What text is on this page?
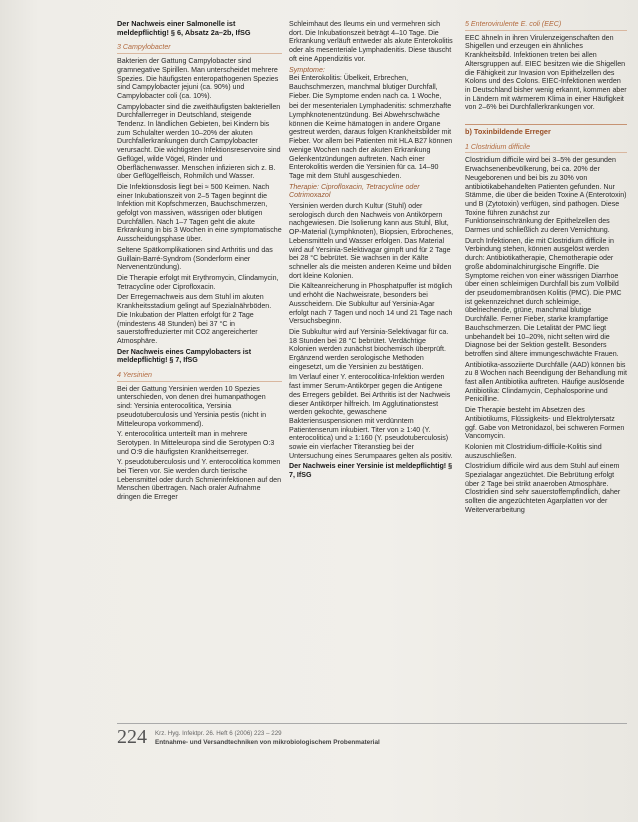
Der Nachweis einer Salmonelle ist meldepflichtig! § 6, Absatz 2a–2b, IfSG

3 Campylobacter

Bakterien der Gattung Campylobacter sind gramnegative Spirillen. Man unterscheidet mehrere Spezies. Die häufigsten enteropathogenen Spezies sind Campylobacter jejuni (ca. 90%) und Campylobacter coli (ca. 10%).

Campylobacter sind die zweithäufigsten bakteriellen Durchfallerreger in Deutschland, steigende Tendenz. In ländlichen Gebieten, bei Kindern bis zum Schulalter werden 10–20% der akuten Durchfallerkrankungen durch Campylobacter verursacht. Die wichtigsten Infektionsreservoire sind Geflügel, wilde Vögel, Rinder und Oberflächenwasser. Menschen infizieren sich z. B. über Geflügelfleisch, Rohmilch und Wasser.

Die Infektionsdosis liegt bei ≈ 500 Keimen. Nach einer Inkubationszeit von 2–5 Tagen beginnt die Infektion mit Kopfschmerzen, Bauchschmerzen, gefolgt von massiven, wässrigen oder blutigen Durchfällen. Nach 1–7 Tagen geht die akute Erkrankung in bis 3 Wochen in eine symptomatische Ausscheidungsphase über.

Seltene Spätkomplikationen sind Arthritis und das Guillain-Barré-Syndrom (Sonderform einer Nervenentzündung).

Die Therapie erfolgt mit Erythromycin, Clindamycin, Tetracycline oder Ciprofloxacin.

Der Erregernachweis aus dem Stuhl im akuten Krankheitsstadium gelingt auf Spezialnährböden. Die Inkubation der Platten erfolgt für 2 Tage (mindestens 48 Stunden) bei 37 °C in sauerstoffreduzierter mit CO2 angereicherter Atmosphäre.

Der Nachweis eines Campylobacters ist meldepflichtig! § 7, IfSG

4 Yersinien

Bei der Gattung Yersinien werden 10 Spezies unterschieden, von denen drei humanpathogen sind: Yersinia enterocolitica, Yersinia pseudotuberculosis und Yersinia pestis (nicht in Mitteleuropa vorkommend).

Y. enterocolitica unterteilt man in mehrere Serotypen. In Mitteleuropa sind die Serotypen O:3 und O:9 die häufigsten Krankheitserreger.

Y. pseudotuberculosis und Y. enterocolitica kommen bei Tieren vor. Sie werden durch tierische Lebensmittel oder durch Schmierinfektionen auf den Menschen übertragen. Nach oraler Aufnahme dringen die Erreger

Schleimhaut des Ileums ein und vermehren sich dort. Die Inkubationszeit beträgt 4–10 Tage. Die Erkrankung verläuft entweder als akute Enterokolitis oder als mesenteriale Lymphadenitis. Diese täuscht oft eine Appendizitis vor.

Symptome:

Bei Enterokolitis: Übelkeit, Erbrechen, Bauchschmerzen, manchmal blutiger Durchfall, Fieber. Die Symptome enden nach ca. 1 Woche,

bei der mesenterialen Lymphadenitis: schmerzhafte Lymphknotenentzündung. Bei Abwehrschwäche können die Keime hämatogen in andere Organe gestreut werden, daraus folgen Krankheitsbilder mit Fieber. Vor allem bei Patienten mit HLA B27 können wenige Wochen nach der akuten Erkrankung Gelenkentzündungen auftreten. Nach einer Enterokolitis werden die Yersinien für ca. 14–90 Tage mit dem Stuhl ausgeschieden.

Therapie: Ciprofloxacin, Tetracycline oder Cotrimoxazol

Yersinien werden durch Kultur (Stuhl) oder serologisch durch den Nachweis von Antikörpern nachgewiesen. Die Isolierung kann aus Stuhl, Blut, OP-Material (Lymphknoten), Biopsien, Erbrochenes, Lebensmitteln und Wasser erfolgen. Das Material wird auf Yersinia-Selektivagar gimpft und für 2 Tage bei 28 °C bebrütet. Sie wachsen in der Kälte schneller als die meisten anderen Keime und bilden dort kleine Kolonien.

Die Kälteanreicherung in Phosphatpuffer ist möglich und erhöht die Nachweisrate, besonders bei Ausscheidern. Die Subkultur auf Yersinia-Agar erfolgt nach 7 Tagen und noch 14 und 21 Tage nach Versuchsbeginn.

Die Subkultur wird auf Yersinia-Selektivagar für ca. 18 Stunden bei 28 °C bebrütet. Verdächtige Kolonien werden zunächst biochemisch überprüft. Ergänzend werden serologische Methoden eingesetzt, um die Yersinien zu bestätigen.

Im Verlauf einer Y. enterocolitica-Infektion werden fast immer Serum-Antikörper gegen die Antigene des Erregers gebildet. Bei Arthritis ist der Nachweis dieser Antikörper hilfreich. Im Agglutinationstest werden gekochte, gewaschene Bakteriensuspensionen mit verdünntem Patientenserum inkubiert. Titer von ≥ 1:40 (Y. enterocolitica) und ≥ 1:160 (Y. pseudotuberculosis) sowie ein vierfacher Titeranstieg bei der Untersuchung eines Serumpaares gelten als positiv.

Der Nachweis einer Yersinie ist meldepflichtig! § 7, IfSG

5 Enterovirulente E. coli (EEC)

EEC ähneln in ihren Virulenzeigenschaften den Shigellen und erzeugen ein ähnliches Krankheitsbild. Infektionen treten bei allen Altersgruppen auf. EIEC besitzen wie die Shigellen die Fähigkeit zur Invasion von Epithelzellen des Kolons und des Colons. EIEC-Infektionen werden in Deutschland bisher wenig erkannt, kommen aber in Ländern mit wärmerem Klima in einer Häufigkeit von 2–6% bei Durchfallerkrankungen vor.

b) Toxinbildende Erreger
1 Clostridium difficile

Clostridium difficile wird bei 3–5% der gesunden Erwachsenenbevölkerung, bei ca. 20% der Neugeborenen und bei bis zu 30% von antibiotikabehandelten Patienten gefunden. Nur Stämme, die über die beiden Toxine A (Enterotoxin) und B (Zytotoxin) verfügen, sind pathogen. Diese Toxine führen zunächst zur Funktionseinschränkung der Epithelzellen des Darmes und schließlich zu deren Vernichtung.

Durch Infektionen, die mit Clostridium difficile in Verbindung stehen, können ausgelöst werden durch: Antibiotikatherapie, Chemotherapie oder große abdominalchirurgische Eingriffe. Die Symptome reichen von einer wässrigen Diarrhoe über einen schleimigen Durchfall bis zum Vollbild der pseudomembranösen Kolitis (PMC). Die PMC ist gekennzeichnet durch schleimige, übelriechende, grüne, manchmal blutige Durchfälle. Ferner Fieber, starke krampfartige Bauchschmerzen. Die Letalität der PMC liegt unbehandelt bei 10–20%, nicht selten wird die Diagnose bei der Sektion gestellt. Besonders betroffen sind ältere immungeschwächte Frauen.

Antibiotika-assoziierte Durchfälle (AAD) können bis zu 8 Wochen nach Beendigung der Behandlung mit fast allen Antibiotika auftreten. Häufige auslösende Antibiotika: Clindamycin, Cephalosporine und Penicilline.

Die Therapie besteht im Absetzen des Antibiotikums, Flüssigkeits- und Elektrolytersatz ggf. Gabe von Metronidazol, bei schweren Formen Vancomycin.

Kolonien mit Clostridium-difficile-Kolitis sind auszuschließen.

Clostridium difficile wird aus dem Stuhl auf einem Spezialagar angezüchtet. Die Bebrütung erfolgt über 2 Tage bei strikt anaeroben Atmosphäre. Clostridien sind sehr sauerstoffempfindlich, daher sollten die angezüchteten Agarplatten vor der Weiterverarbeitung

224 Krz. Hyg. Infektpr. 26. Heft 6 (2006) 223 – 229
Entnahme- und Versandtechniken von mikrobiologischem Probenmaterial
